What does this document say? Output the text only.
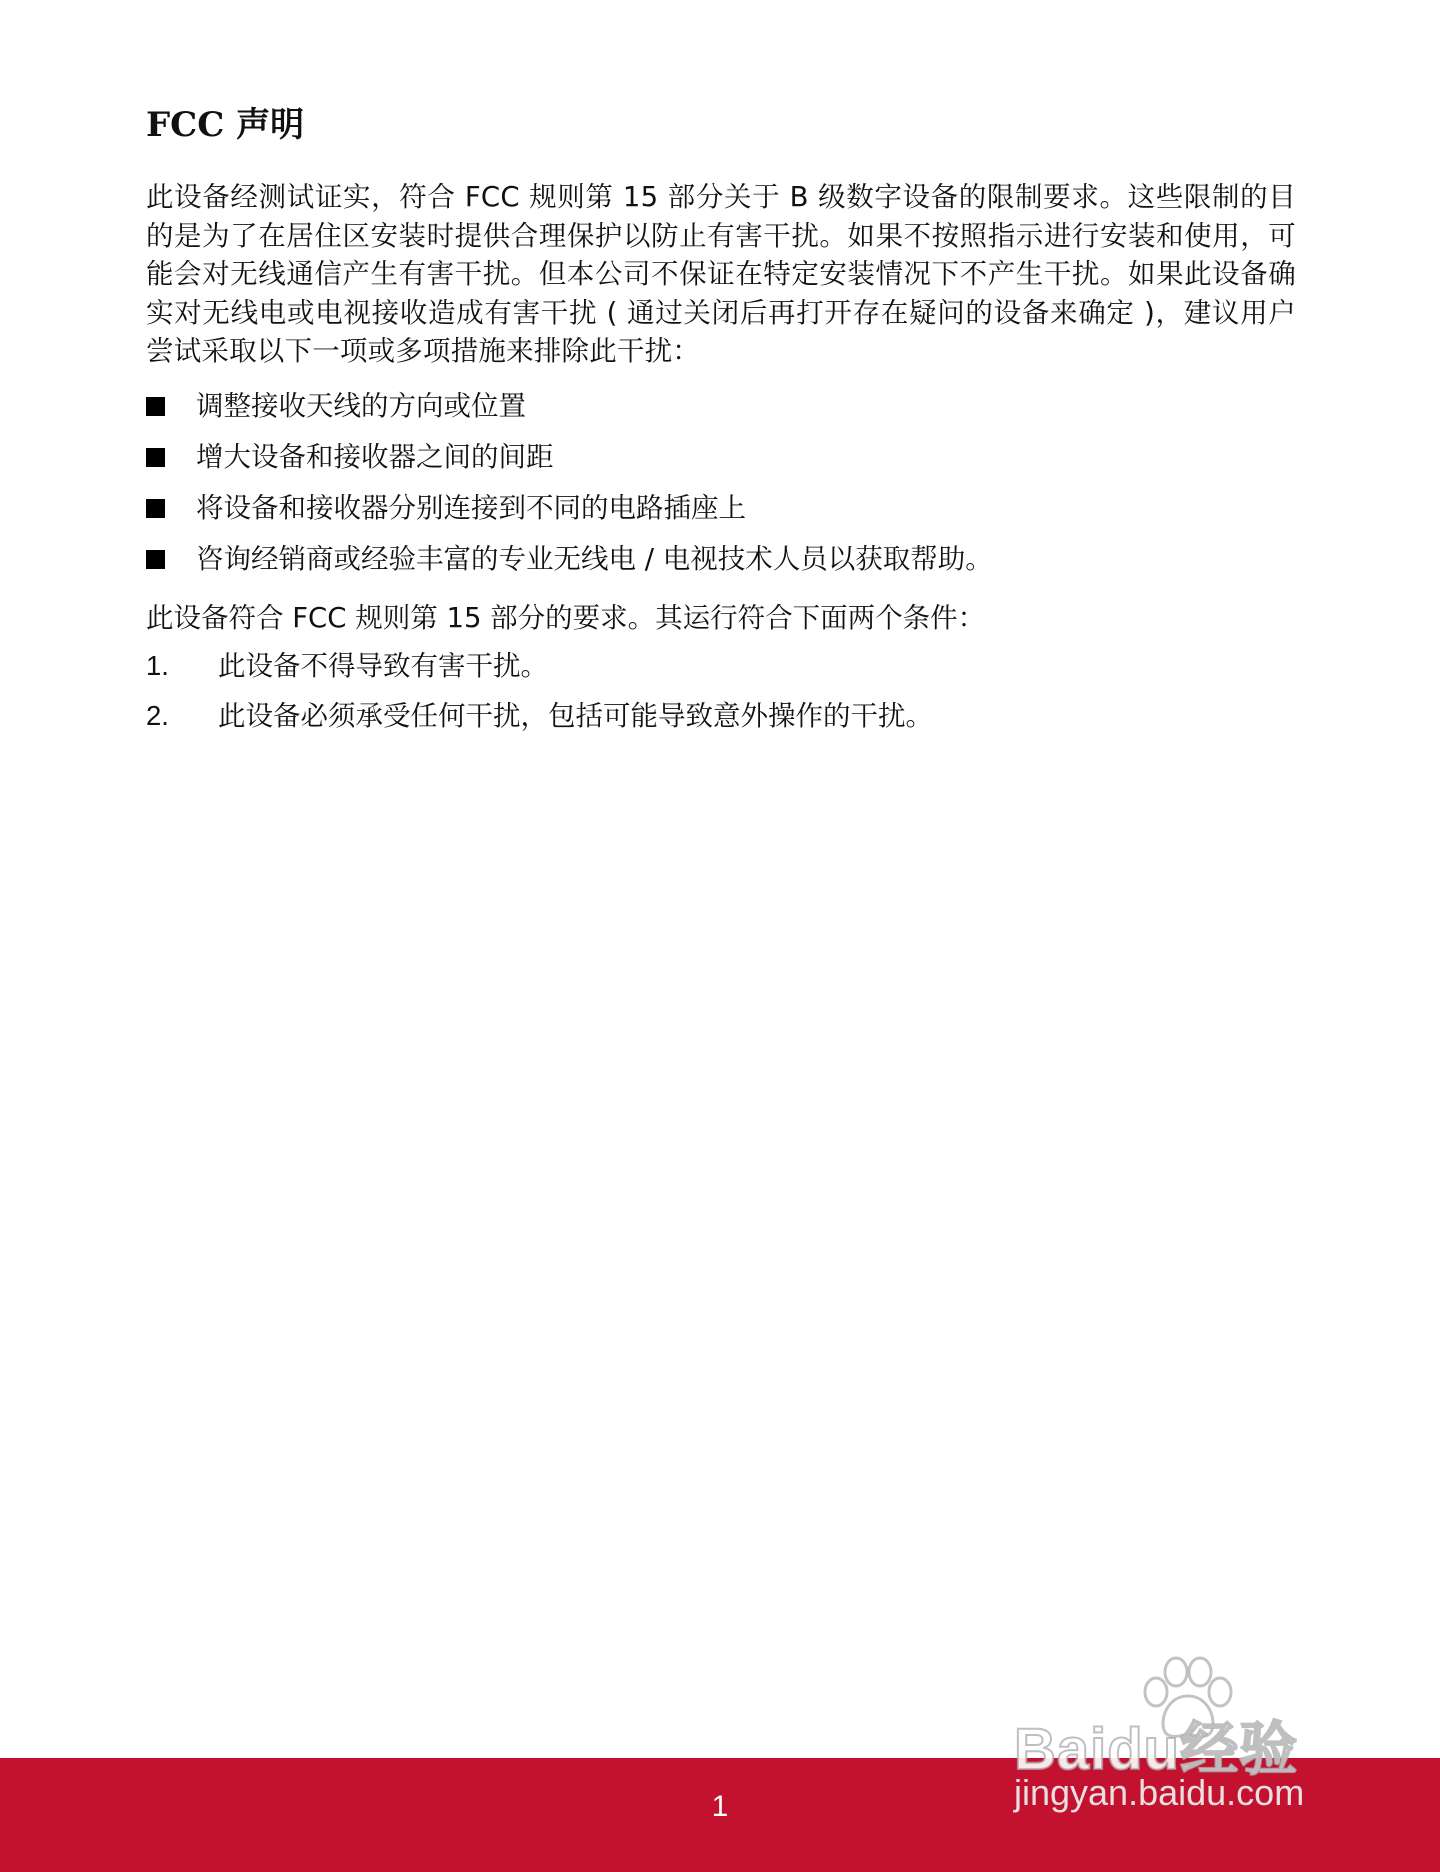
FCC 声明

此设备经测试证实，符合 FCC 规则第 15 部分关于 B 级数字设备的限制要求。这些限制的目的是为了在居住区安装时提供合理保护以防止有害干扰。如果不按照指示进行安装和使用，可能会对无线通信产生有害干扰。但本公司不保证在特定安装情况下不产生干扰。如果此设备确实对无线电或电视接收造成有害干扰 ( 通过关闭后再打开存在疑问的设备来确定 )，建议用户尝试采取以下一项或多项措施来排除此干扰：

调整接收天线的方向或位置
增大设备和接收器之间的间距
将设备和接收器分别连接到不同的电路插座上
咨询经销商或经验丰富的专业无线电 / 电视技术人员以获取帮助。

此设备符合 FCC 规则第 15 部分的要求。其运行符合下面两个条件：

1.	此设备不得导致有害干扰。
2.	此设备必须承受任何干扰，包括可能导致意外操作的干扰。
1
Baidu经验
jingyan.baidu.com
